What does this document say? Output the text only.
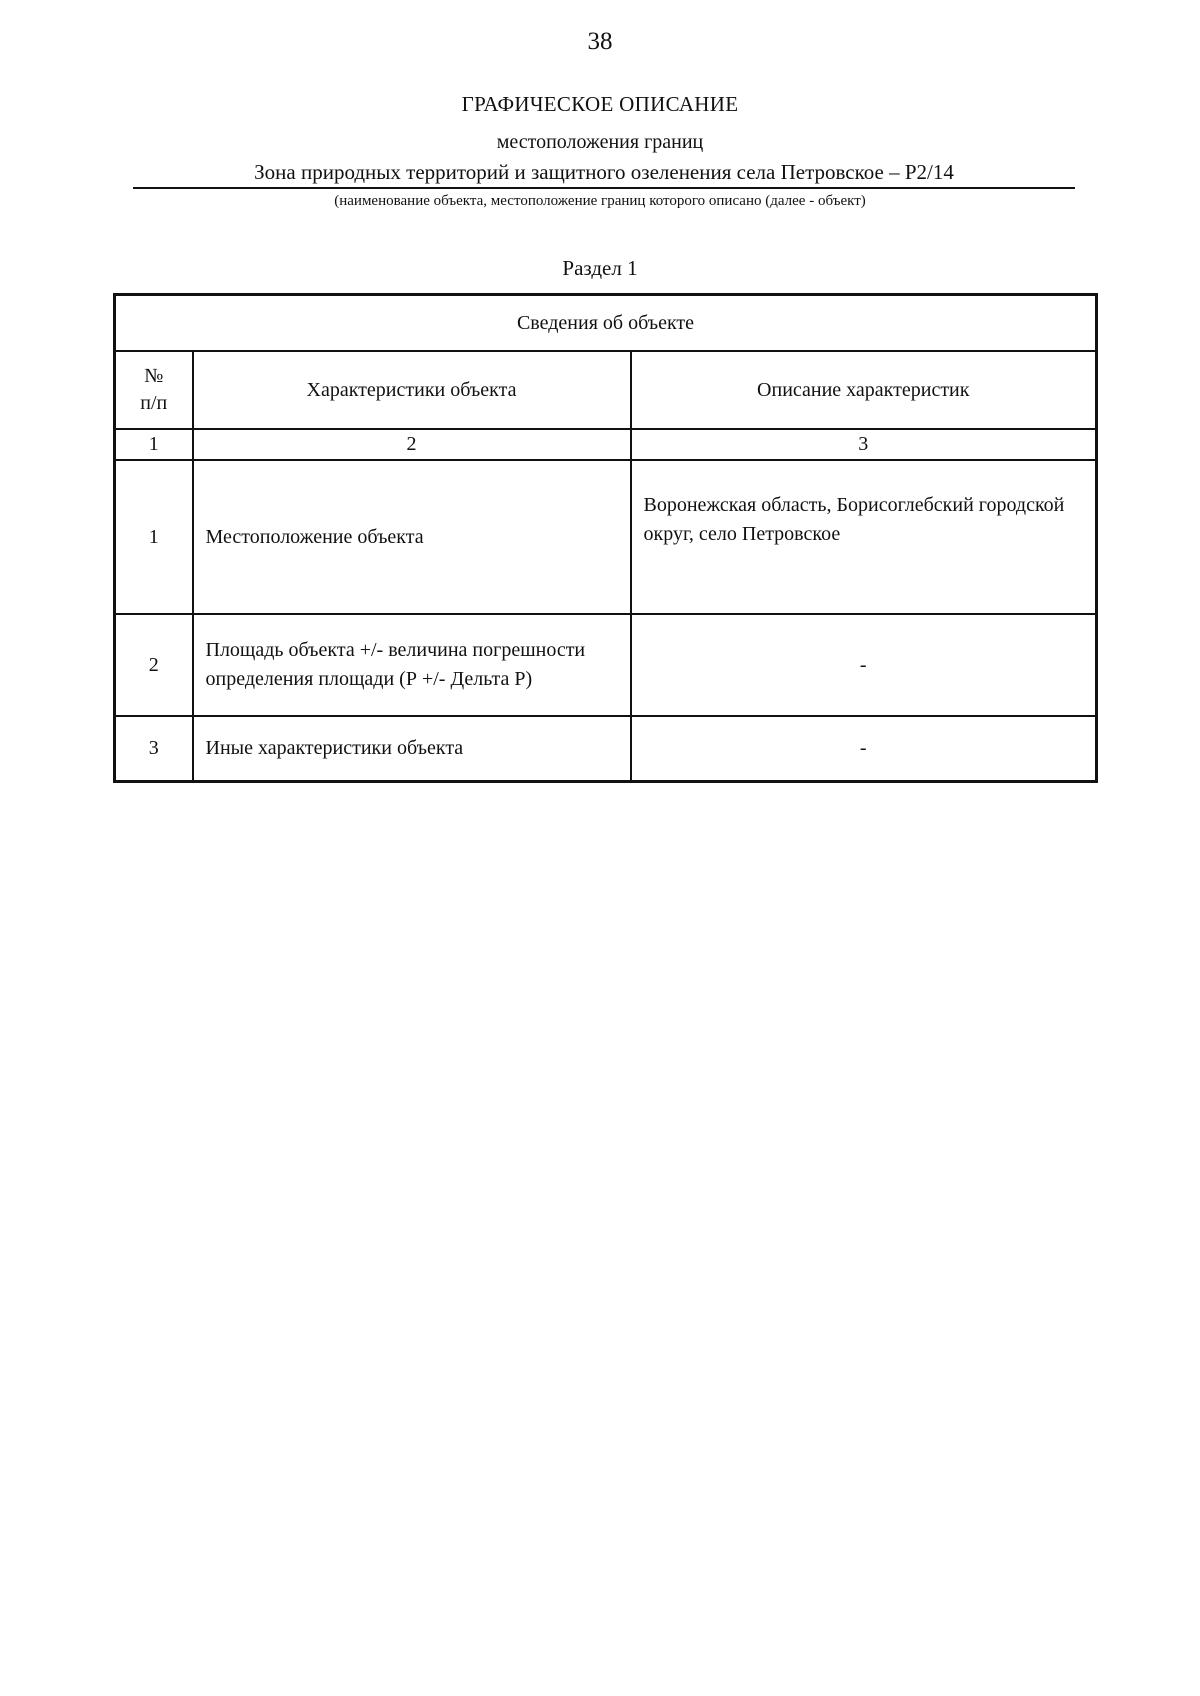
38
ГРАФИЧЕСКОЕ ОПИСАНИЕ
местоположения границ
Зона природных территорий и защитного озеленения села Петровское – Р2/14
(наименование объекта, местоположение границ которого описано (далее - объект)
Раздел 1
Сведения об объекте		

№
п/п	Характеристики объекта	Описание характеристик
1	2	3
1	Местоположение объекта	Воронежская область, Борисоглебский городской округ, село Петровское
2	Площадь объекта +/- величина погрешности определения площади (Р +/- Дельта Р)	-
3	Иные характеристики объекта	-
